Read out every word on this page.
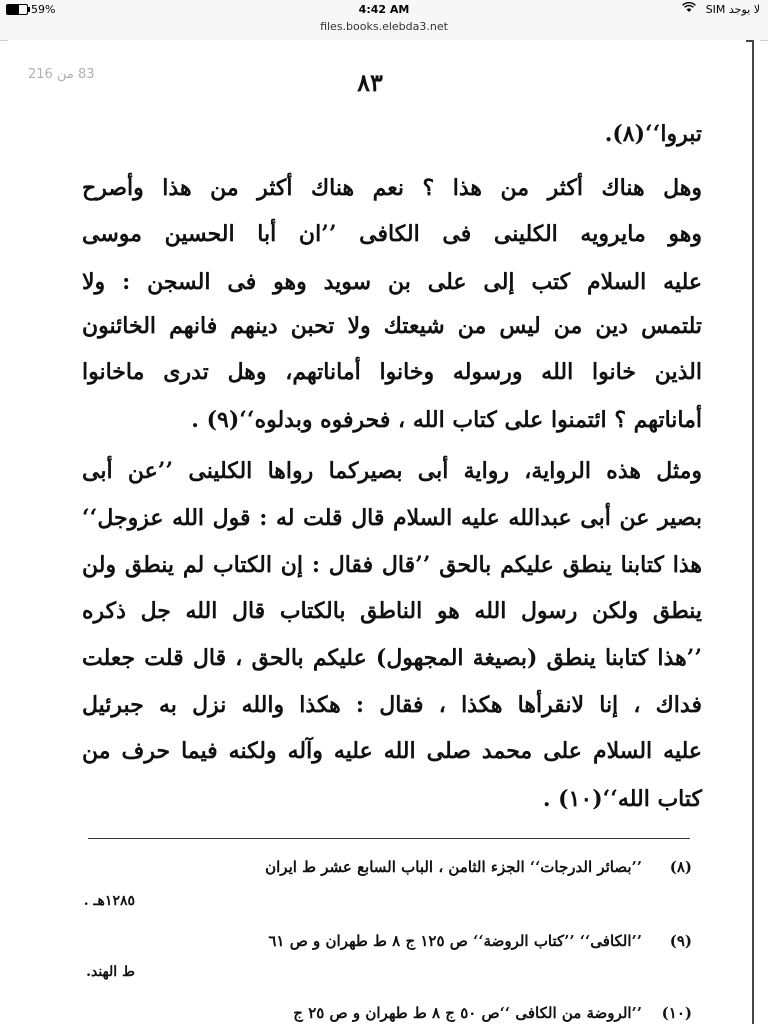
59%	4:42 AM	لا يوجد SIM
files.books.elebda3.net
83 من 216	٨٣
تبروا‘‘(٨).
وهل هناك أكثر من هذا ؟ نعم هناك أكثر من هذا وأصرح
وهو مايرويه الكلينى فى الكافى ’’ان أبا الحسين موسى
عليه السلام كتب إلى على بن سويد وهو فى السجن : ولا
تلتمس دين من ليس من شيعتك ولا تحبن دينهم فانهم الخائنون
الذين خانوا الله ورسوله وخانوا أماناتهم، وهل تدرى ماخانوا
أماناتهم ؟ ائتمنوا على كتاب الله ، فحرفوه وبدلوه‘‘(٩) .
ومثل هذه الرواية، رواية أبى بصيركما رواها الكلينى ’’عن أبى
بصير عن أبى عبدالله عليه السلام قال قلت له : قول الله عزوجل‘‘
هذا كتابنا ينطق عليكم بالحق ’’قال فقال : إن الكتاب لم ينطق ولن
ينطق ولكن رسول الله هو الناطق بالكتاب قال الله جل ذكره
’’هذا كتابنا ينطق (بصيغة المجهول) عليكم بالحق ، قال قلت جعلت
فداك ، إنا لانقرأها هكذا ، فقال : هكذا والله نزل به جبرئيل
عليه السلام على محمد صلى الله عليه وآله ولكنه فيما حرف من
كتاب الله‘‘(١٠) .
’’بصائر الدرجات‘‘ الجزء الثامن ، الباب السابع عشر ط ايران (٨)
١٢٨٥هـ .
’’الكافى‘‘ ’’كتاب الروضة‘‘ ص ١٢٥ ج ٨ ط طهران و ص ٦١ (٩)
ط الهند.
’’الروضة من الكافى ‘‘ص ٥٠ ج ٨ ط طهران و ص ٢٥ ج (١٠)
